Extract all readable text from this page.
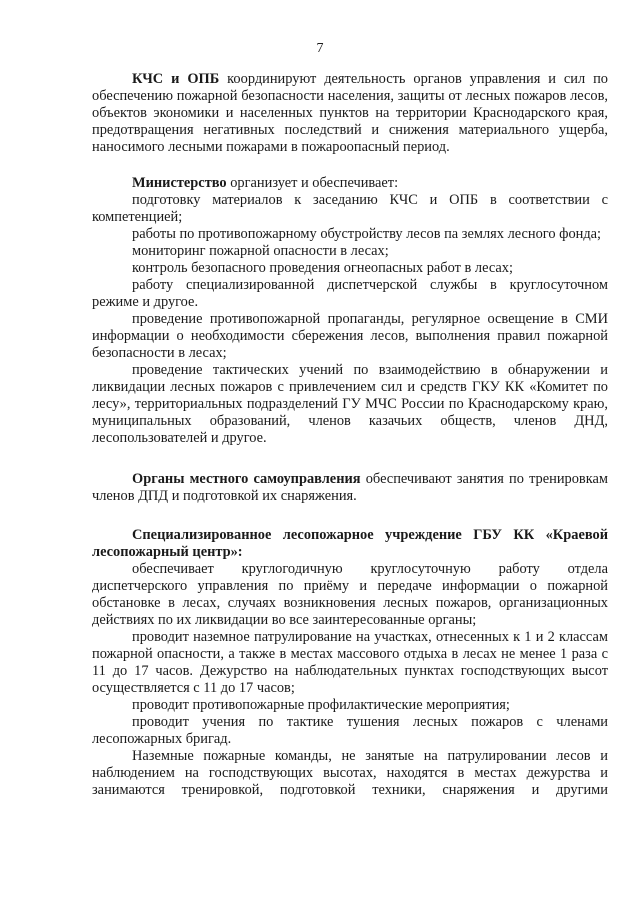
7

КЧС и ОПБ координируют деятельность органов управления и сил по обеспечению пожарной безопасности населения, защиты от лесных пожаров лесов, объектов экономики и населенных пунктов на территории Краснодарского края, предотвращения негативных последствий и снижения материального ущерба, наносимого лесными пожарами в пожароопасный период.

Министерство организует и обеспечивает:

подготовку материалов к заседанию КЧС и ОПБ в соответствии с компетенцией;

работы по противопожарному обустройству лесов па землях лесного фонда;

мониторинг пожарной опасности в лесах;

контроль безопасного проведения огнеопасных работ в лесах;

работу специализированной диспетчерской службы в круглосуточном режиме и другое.

проведение противопожарной пропаганды, регулярное освещение в СМИ информации о необходимости сбережения лесов, выполнения правил пожарной безопасности в лесах;

проведение тактических учений по взаимодействию в обнаружении и ликвидации лесных пожаров с привлечением сил и средств ГКУ КК «Комитет по лесу», территориальных подразделений ГУ МЧС России по Краснодарскому краю, муниципальных образований, членов казачьих обществ, членов ДНД, лесопользователей и другое.

Органы местного самоуправления обеспечивают занятия по тренировкам членов ДПД и подготовкой их снаряжения.

Специализированное лесопожарное учреждение ГБУ КК «Краевой лесопожарный центр»:

обеспечивает круглогодичную круглосуточную работу отдела диспетчерского управления по приёму и передаче информации о пожарной обстановке в лесах, случаях возникновения лесных пожаров, организационных действиях по их ликвидации во все заинтересованные органы;

проводит наземное патрулирование на участках, отнесенных к 1 и 2 классам пожарной опасности, а также в местах массового отдыха в лесах не менее 1 раза с 11 до 17 часов. Дежурство на наблюдательных пунктах господствующих высот осуществляется с 11 до 17 часов;

проводит противопожарные профилактические мероприятия;

проводит учения по тактике тушения лесных пожаров с членами лесопожарных бригад.

Наземные пожарные команды, не занятые на патрулировании лесов и наблюдением на господствующих высотах, находятся в местах дежурства и занимаются тренировкой, подготовкой техники, снаряжения и другими
